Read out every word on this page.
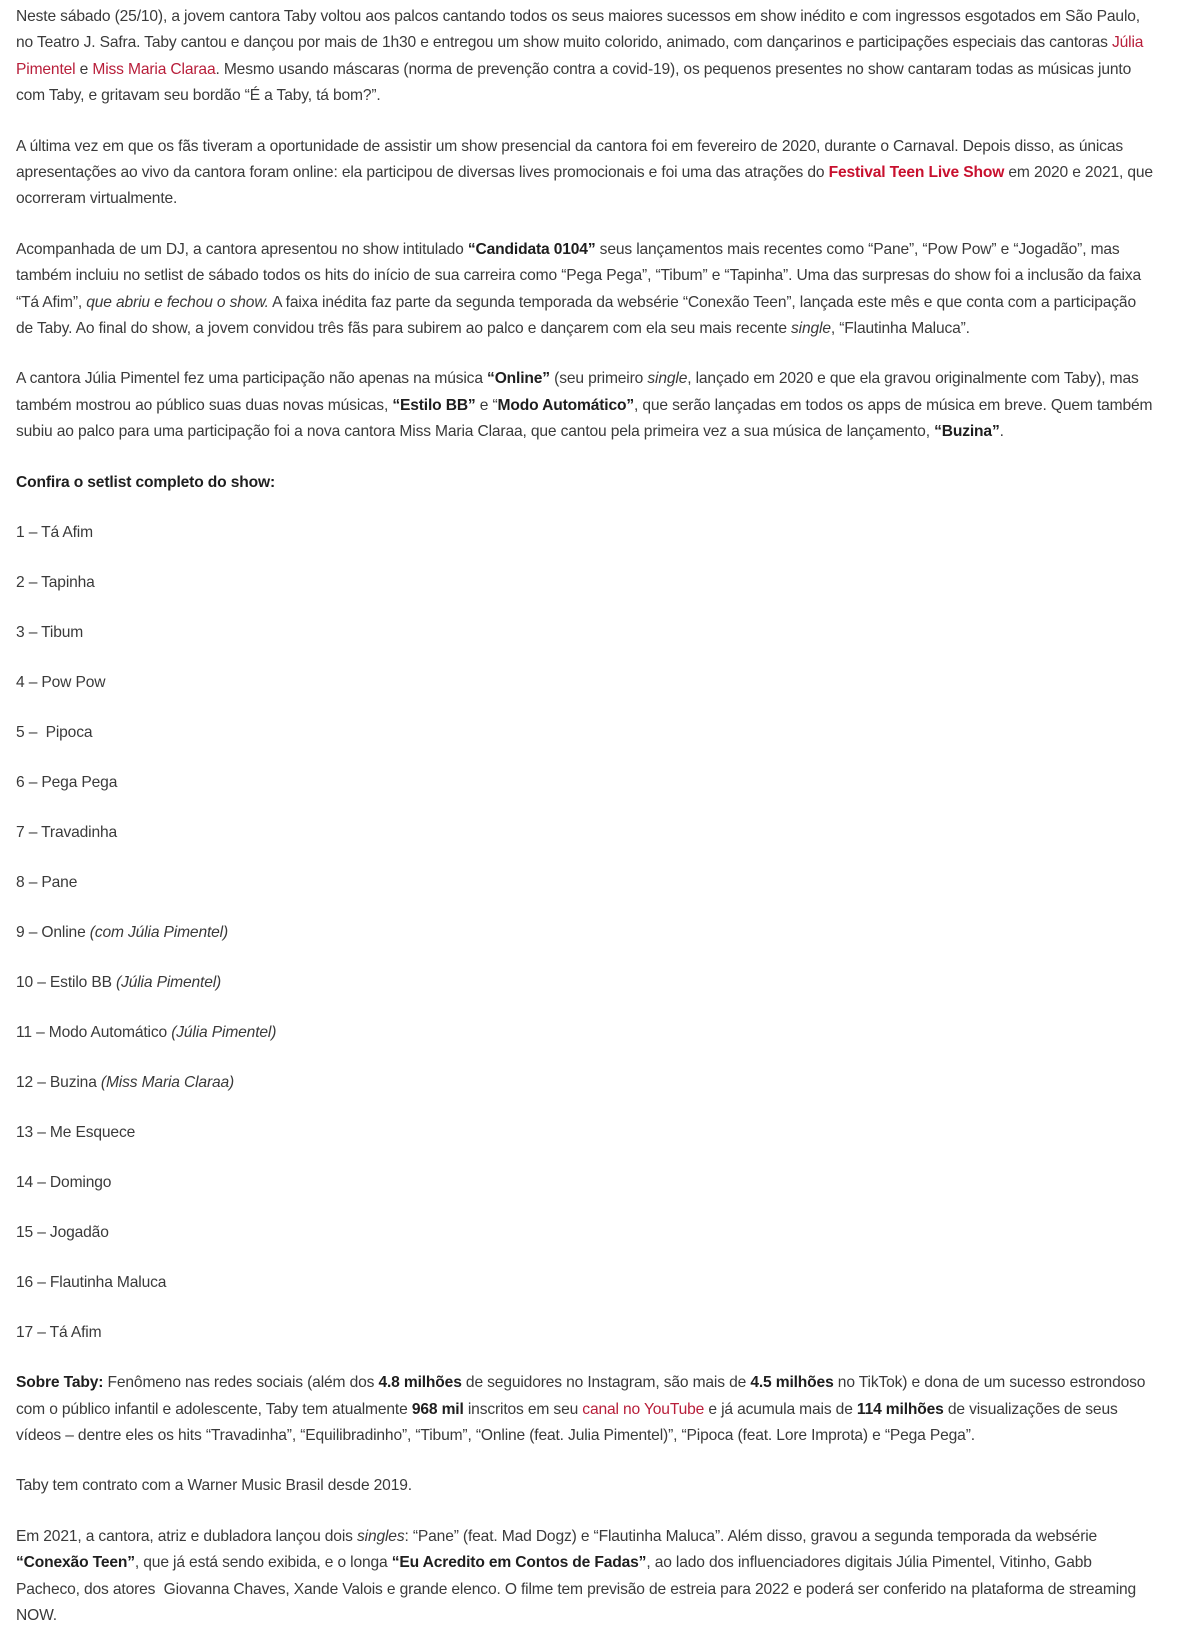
Neste sábado (25/10), a jovem cantora Taby voltou aos palcos cantando todos os seus maiores sucessos em show inédito e com ingressos esgotados em São Paulo, no Teatro J. Safra. Taby cantou e dançou por mais de 1h30 e entregou um show muito colorido, animado, com dançarinos e participações especiais das cantoras Júlia Pimentel e Miss Maria Claraa. Mesmo usando máscaras (norma de prevenção contra a covid-19), os pequenos presentes no show cantaram todas as músicas junto com Taby, e gritavam seu bordão “É a Taby, tá bom?”.

A última vez em que os fãs tiveram a oportunidade de assistir um show presencial da cantora foi em fevereiro de 2020, durante o Carnaval. Depois disso, as únicas apresentações ao vivo da cantora foram online: ela participou de diversas lives promocionais e foi uma das atrações do Festival Teen Live Show em 2020 e 2021, que ocorreram virtualmente.

Acompanhada de um DJ, a cantora apresentou no show intitulado “Candidata 0104” seus lançamentos mais recentes como “Pane”, “Pow Pow” e “Jogadão”, mas também incluiu no setlist de sábado todos os hits do início de sua carreira como “Pega Pega”, “Tibum” e “Tapinha”. Uma das surpresas do show foi a inclusão da faixa “Tá Afim”, que abriu e fechou o show. A faixa inédita faz parte da segunda temporada da websérie “Conexão Teen”, lançada este mês e que conta com a participação de Taby. Ao final do show, a jovem convidou três fãs para subirem ao palco e dançarem com ela seu mais recente single, “Flautinha Maluca”.

A cantora Júlia Pimentel fez uma participação não apenas na música “Online” (seu primeiro single, lançado em 2020 e que ela gravou originalmente com Taby), mas também mostrou ao público suas duas novas músicas, “Estilo BB” e “Modo Automático”, que serão lançadas em todos os apps de música em breve. Quem também subiu ao palco para uma participação foi a nova cantora Miss Maria Claraa, que cantou pela primeira vez a sua música de lançamento, “Buzina”.

Confira o setlist completo do show:

1 – Tá Afim

2 – Tapinha

3 – Tibum

4 – Pow Pow

5 –  Pipoca

6 – Pega Pega

7 – Travadinha

8 – Pane

9 – Online (com Júlia Pimentel)

10 – Estilo BB (Júlia Pimentel)

11 – Modo Automático (Júlia Pimentel)

12 – Buzina (Miss Maria Claraa)

13 – Me Esquece

14 – Domingo

15 – Jogadão

16 – Flautinha Maluca

17 – Tá Afim

Sobre Taby: Fenômeno nas redes sociais (além dos 4.8 milhões de seguidores no Instagram, são mais de 4.5 milhões no TikTok) e dona de um sucesso estrondoso com o público infantil e adolescente, Taby tem atualmente 968 mil inscritos em seu canal no YouTube e já acumula mais de 114 milhões de visualizações de seus vídeos – dentre eles os hits “Travadinha”, “Equilibradinho”, “Tibum”, “Online (feat. Julia Pimentel)”, “Pipoca (feat. Lore Improta) e “Pega Pega”.

Taby tem contrato com a Warner Music Brasil desde 2019.

Em 2021, a cantora, atriz e dubladora lançou dois singles: “Pane” (feat. Mad Dogz) e “Flautinha Maluca”. Além disso, gravou a segunda temporada da websérie “Conexão Teen”, que já está sendo exibida, e o longa “Eu Acredito em Contos de Fadas”, ao lado dos influenciadores digitais Júlia Pimentel, Vitinho, Gabb Pacheco, dos atores  Giovanna Chaves, Xande Valois e grande elenco. O filme tem previsão de estreia para 2022 e poderá ser conferido na plataforma de streaming NOW.
